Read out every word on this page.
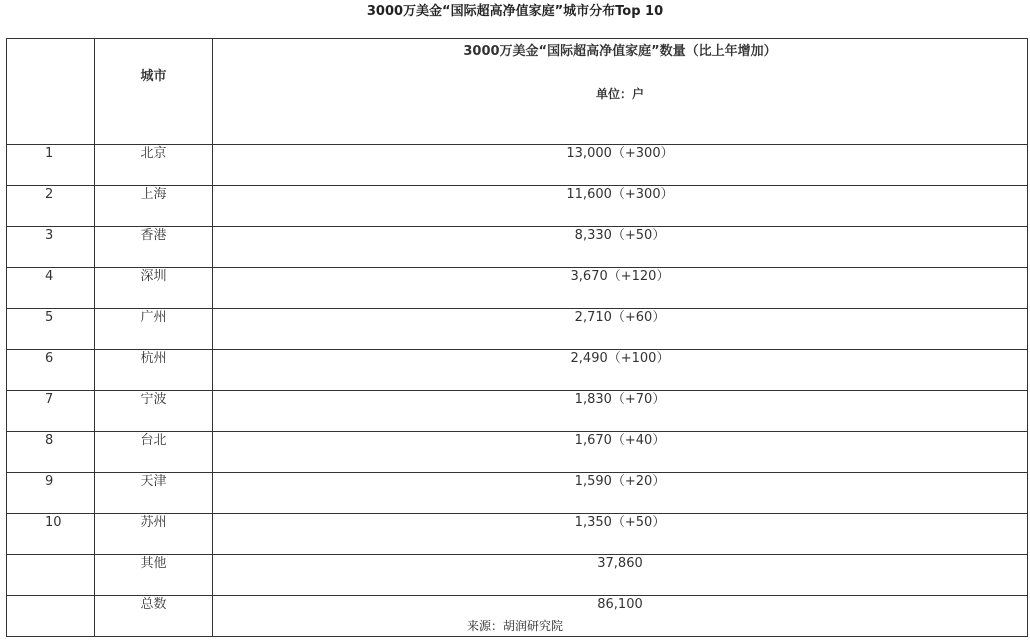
3000万美金“国际超高净值家庭”城市分布Top 10
	城市	3000万美金“国际超高净值家庭”数量（比上年增加）
单位：户

1	北京	13,000（+300）
2	上海	11,600（+300）
3	香港	8,330（+50）
4	深圳	3,670（+120）
5	广州	2,710（+60）
6	杭州	2,490（+100）
7	宁波	1,830（+70）
8	台北	1,670（+40）
9	天津	1,590（+20）
10	苏州	1,350（+50）
	其他	37,860
	总数	86,100
来源：胡润研究院
